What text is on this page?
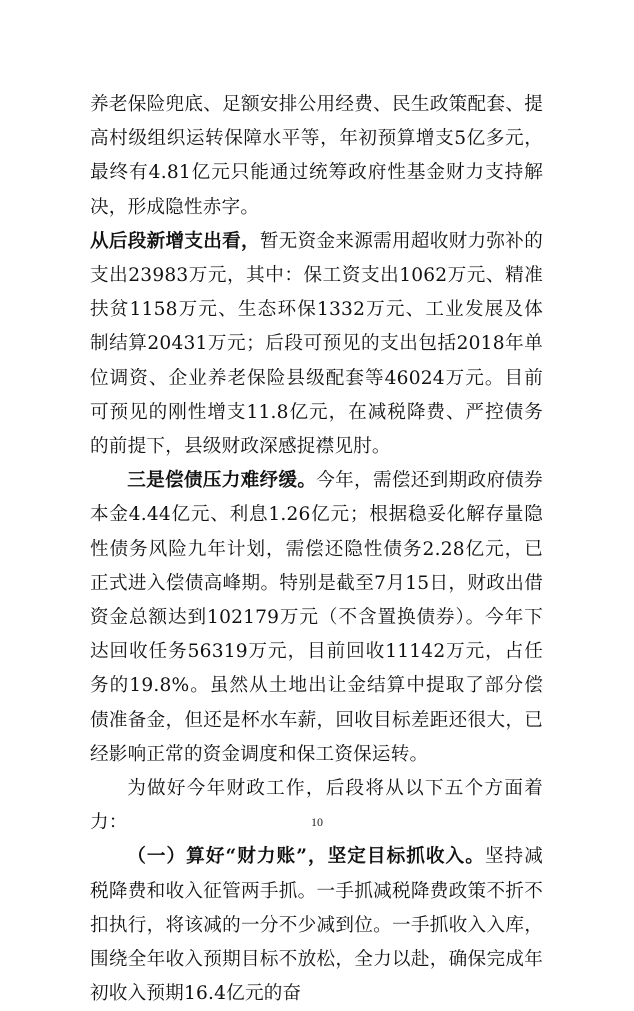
养老保险兜底、足额安排公用经费、民生政策配套、提高村级组织运转保障水平等，年初预算增支5亿多元，最终有4.81亿元只能通过统筹政府性基金财力支持解决，形成隐性赤字。

从后段新增支出看，暂无资金来源需用超收财力弥补的支出23983万元，其中：保工资支出1062万元、精准扶贫1158万元、生态环保1332万元、工业发展及体制结算20431万元；后段可预见的支出包括2018年单位调资、企业养老保险县级配套等46024万元。目前可预见的刚性增支11.8亿元，在减税降费、严控债务的前提下，县级财政深感捉襟见肘。

三是偿债压力难纾缓。今年，需偿还到期政府债券本金4.44亿元、利息1.26亿元；根据稳妥化解存量隐性债务风险九年计划，需偿还隐性债务2.28亿元，已正式进入偿债高峰期。特别是截至7月15日，财政出借资金总额达到102179万元（不含置换债券）。今年下达回收任务56319万元，目前回收11142万元，占任务的19.8%。虽然从土地出让金结算中提取了部分偿债准备金，但还是杯水车薪，回收目标差距还很大，已经影响正常的资金调度和保工资保运转。

为做好今年财政工作，后段将从以下五个方面着力：

（一）算好“财力账”，坚定目标抓收入。坚持减税降费和收入征管两手抓。一手抓减税降费政策不折不扣执行，将该减的一分不少减到位。一手抓收入入库，围绕全年收入预期目标不放松，全力以赴，确保完成年初收入预期16.4亿元的奋

10
